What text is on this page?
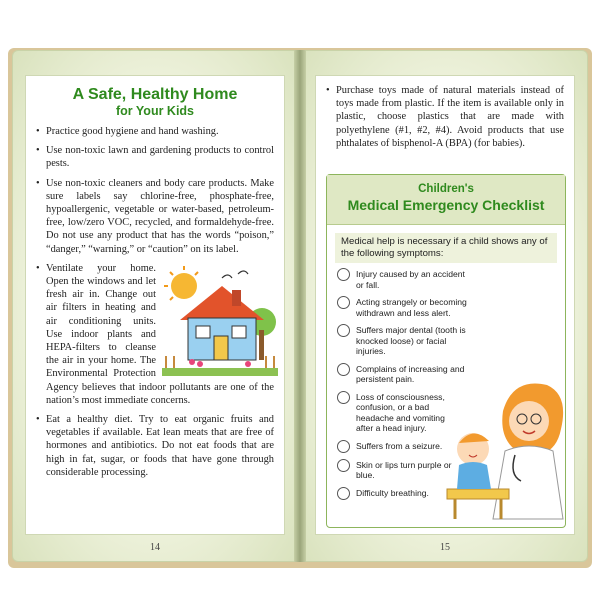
A Safe, Healthy Home
for Your Kids
• Practice good hygiene and hand washing.
• Use non-toxic lawn and gardening products to control pests.
• Use non-toxic cleaners and body care products. Make sure labels say chlorine-free, phosphate-free, hypoallergenic, vegetable or water-based, petroleum-free, low/zero VOC, recycled, and formaldehyde-free. Do not use any product that has the words “poison,” “danger,” “warning,” or “caution” on its label.
• Ventilate your home. Open the windows and let fresh air in. Change out air filters in heating and air conditioning units. Use indoor plants and HEPA-filters to cleanse the air in your home. The Environmental Protection Agency believes that indoor pollutants are one of the nation’s most immediate concerns.
• Eat a healthy diet. Try to eat organic fruits and vegetables if available. Eat lean meats that are free of hormones and antibiotics. Do not eat foods that are high in fat, sugar, or foods that have gone through considerable processing.
14
• Purchase toys made of natural materials instead of toys made from plastic. If the item is available only in plastic, choose plastics that are made with polyethylene (#1, #2, #4). Avoid products that use phthalates of bisphenol-A (BPA) (for babies).
Children's
Medical Emergency Checklist
Medical help is necessary if a child shows any of the following symptoms:
Injury caused by an accident or fall.
Acting strangely or becoming withdrawn and less alert.
Suffers major dental (tooth is knocked loose) or facial injuries.
Complains of increasing and persistent pain.
Loss of consciousness, confusion, or a bad headache and vomiting after a head injury.
Suffers from a seizure.
Skin or lips turn purple or blue.
Difficulty breathing.
15
